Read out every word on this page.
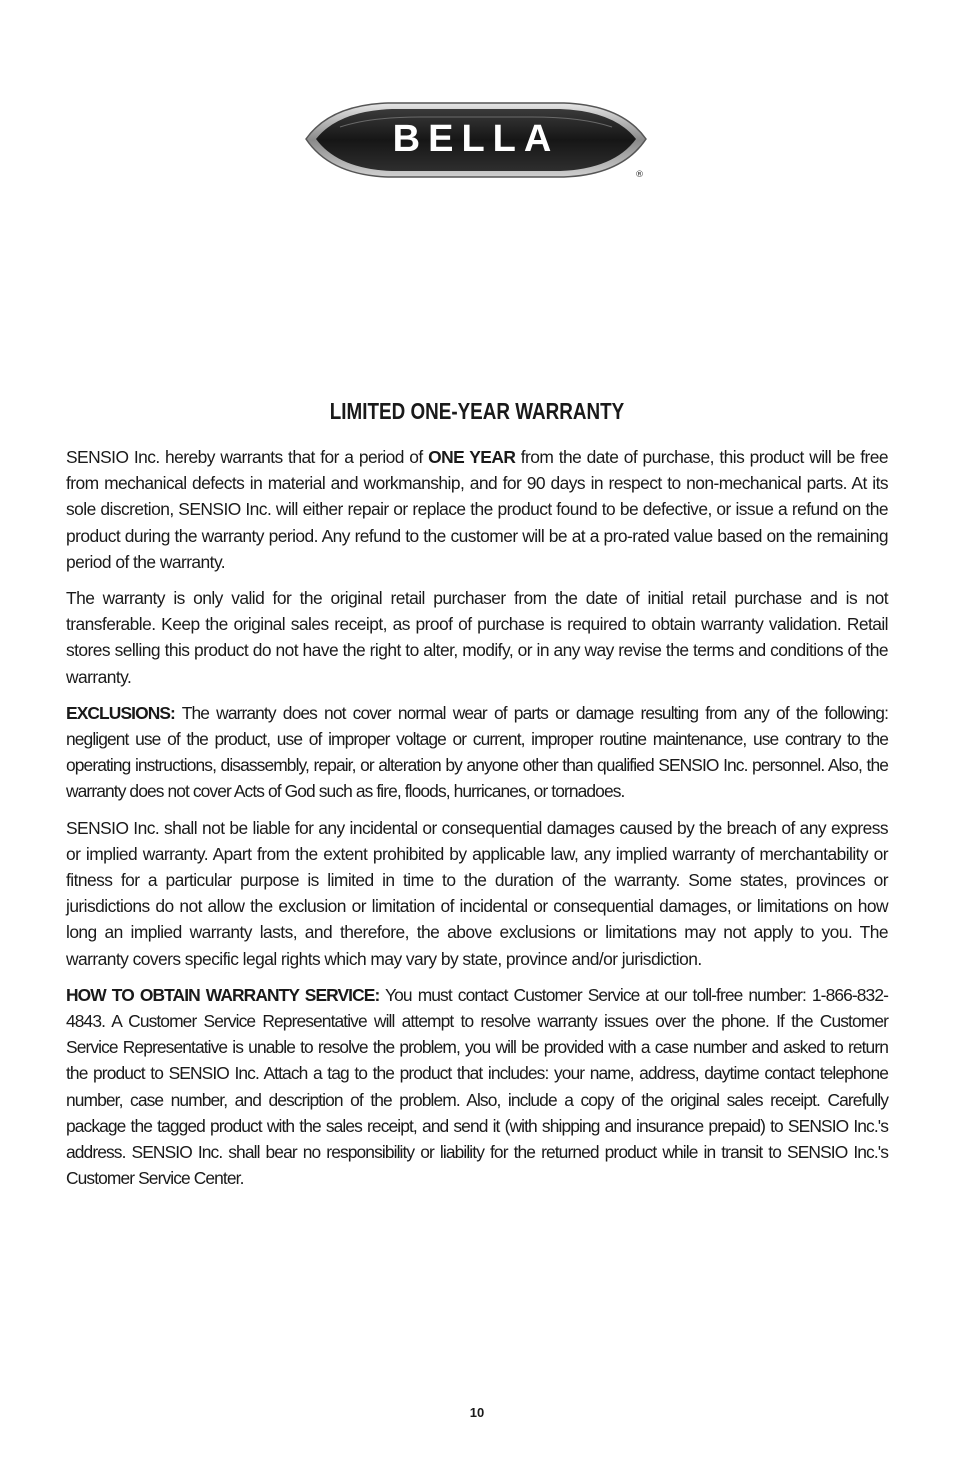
BELLA
®
LIMITED ONE-YEAR WARRANTY

SENSIO Inc. hereby warrants that for a period of ONE YEAR from the date of purchase, this product will be free from mechanical defects in material and workmanship, and for 90 days in respect to non-mechanical parts. At its sole discretion, SENSIO Inc. will either repair or replace the product found to be defective, or issue a refund on the product during the warranty period. Any refund to the customer will be at a pro-rated value based on the remaining period of the warranty.

The warranty is only valid for the original retail purchaser from the date of initial retail purchase and is not transferable. Keep the original sales receipt, as proof of purchase is required to obtain warranty validation. Retail stores selling this product do not have the right to alter, modify, or in any way revise the terms and conditions of the warranty.

EXCLUSIONS: The warranty does not cover normal wear of parts or damage resulting from any of the following: negligent use of the product, use of improper voltage or current, improper routine maintenance, use contrary to the operating instructions, disassembly, repair, or alteration by anyone other than qualified SENSIO Inc. personnel. Also, the warranty does not cover Acts of God such as fire, floods, hurricanes, or tornadoes.

SENSIO Inc. shall not be liable for any incidental or consequential damages caused by the breach of any express or implied warranty. Apart from the extent prohibited by applicable law, any implied warranty of merchantability or fitness for a particular purpose is limited in time to the duration of the warranty. Some states, provinces or jurisdictions do not allow the exclusion or limitation of incidental or consequential damages, or limitations on how long an implied warranty lasts, and therefore, the above exclusions or limitations may not apply to you. The warranty covers specific legal rights which may vary by state, province and/or jurisdiction.

HOW TO OBTAIN WARRANTY SERVICE: You must contact Customer Service at our toll-free number: 1-866-832-4843. A Customer Service Representative will attempt to resolve warranty issues over the phone. If the Customer Service Representative is unable to resolve the problem, you will be provided with a case number and asked to return the product to SENSIO Inc. Attach a tag to the product that includes: your name, address, daytime contact telephone number, case number, and description of the problem. Also, include a copy of the original sales receipt. Carefully package the tagged product with the sales receipt, and send it (with shipping and insurance prepaid) to SENSIO Inc.'s address. SENSIO Inc. shall bear no responsibility or liability for the returned product while in transit to SENSIO Inc.'s Customer Service Center.

10
